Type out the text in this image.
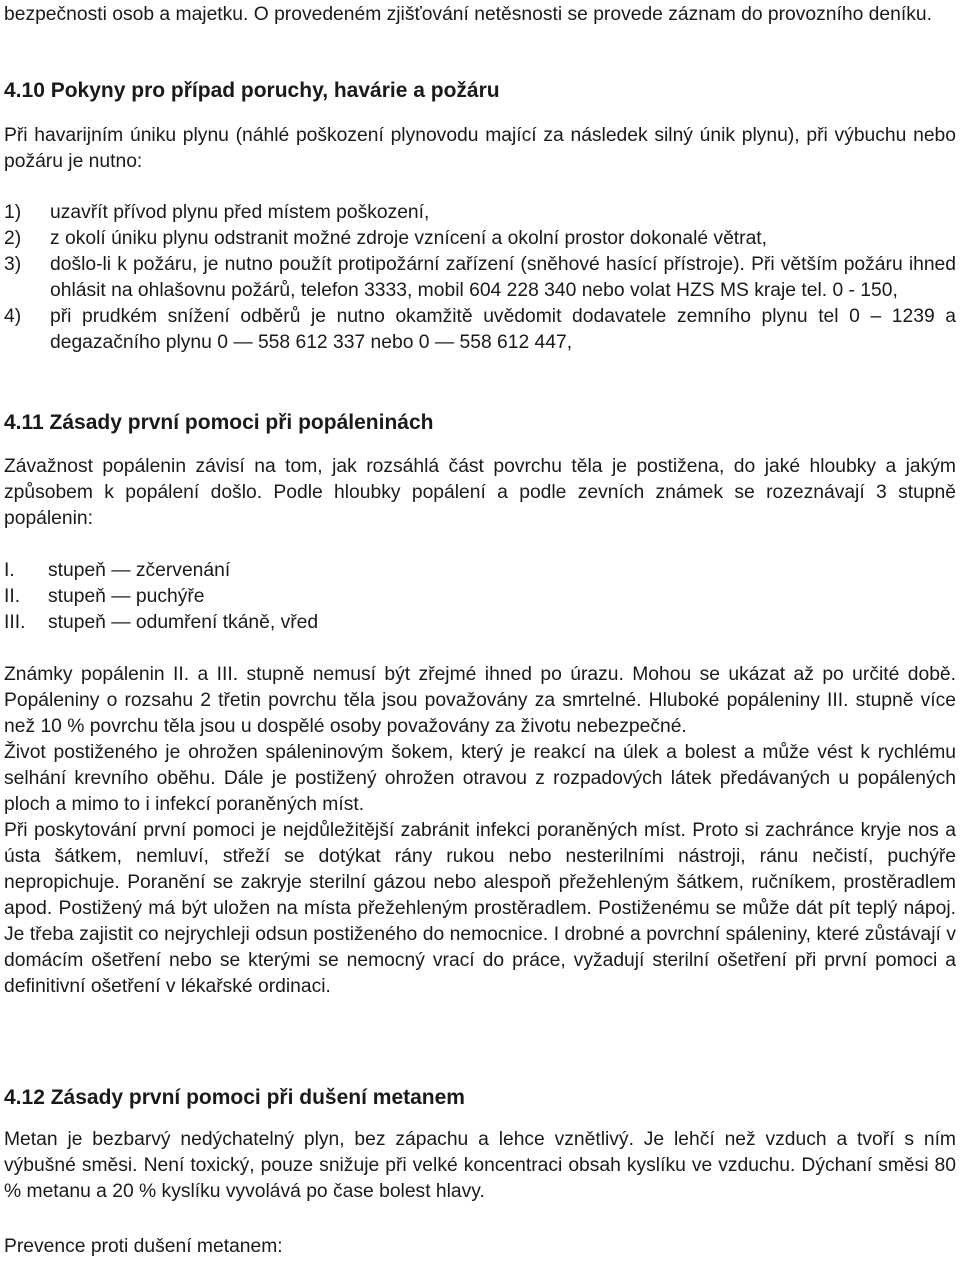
bezpečnosti osob a majetku. O provedeném zjišťování netěsnosti se provede záznam do provozního deníku.

4.10 Pokyny pro případ poruchy, havárie a požáru

Při havarijním úniku plynu (náhlé poškození plynovodu mající za následek silný únik plynu), při výbuchu nebo požáru je nutno:

1) uzavřít přívod plynu před místem poškození,
2) z okolí úniku plynu odstranit možné zdroje vznícení a okolní prostor dokonalé větrat,
3) došlo-li k požáru, je nutno použít protipožární zařízení (sněhové hasící přístroje). Při větším požáru ihned ohlásit na ohlašovnu požárů, telefon 3333, mobil 604 228 340 nebo volat HZS MS kraje tel. 0 - 150,
4) při prudkém snížení odběrů je nutno okamžitě uvědomit dodavatele zemního plynu tel 0 – 1239 a degazačního plynu 0 — 558 612 337 nebo 0 — 558 612 447,

4.11 Zásady první pomoci při popáleninách

Závažnost popálenin závisí na tom, jak rozsáhlá část povrchu těla je postižena, do jaké hloubky a jakým způsobem k popálení došlo. Podle hloubky popálení a podle zevních známek se rozeznávají 3 stupně popálenin:

I. stupeň — zčervenání
II. stupeň — puchýře
III. stupeň — odumření tkáně, vřed

Známky popálenin II. a III. stupně nemusí být zřejmé ihned po úrazu. Mohou se ukázat až po určité době. Popáleniny o rozsahu 2 třetin povrchu těla jsou považovány za smrtelné. Hluboké popáleniny III. stupně více než 10 % povrchu těla jsou u dospělé osoby považovány za životu nebezpečné.

Život postiženého je ohrožen spáleninovým šokem, který je reakcí na úlek a bolest a může vést k rychlému selhání krevního oběhu. Dále je postižený ohrožen otravou z rozpadových látek předávaných u popálených ploch a mimo to i infekcí poraněných míst.

Při poskytování první pomoci je nejdůležitější zabránit infekci poraněných míst. Proto si zachránce kryje nos a ústa šátkem, nemluví, střeží se dotýkat rány rukou nebo nesterilními nástroji, ránu nečistí, puchýře nepropichuje. Poranění se zakryje sterilní gázou nebo alespoň přežehleným šátkem, ručníkem, prostěradlem apod. Postižený má být uložen na místa přežehleným prostěradlem. Postiženému se může dát pít teplý nápoj. Je třeba zajistit co nejrychleji odsun postiženého do nemocnice. I drobné a povrchní spáleniny, které zůstávají v domácím ošetření nebo se kterými se nemocný vrací do práce, vyžadují sterilní ošetření při první pomoci a definitivní ošetření v lékařské ordinaci.

4.12 Zásady první pomoci při dušení metanem

Metan je bezbarvý nedýchatelný plyn, bez zápachu a lehce vznětlivý. Je lehčí než vzduch a tvoří s ním výbušné směsi. Není toxický, pouze snižuje při velké koncentraci obsah kyslíku ve vzduchu. Dýchaní směsi 80 % metanu a 20 % kyslíku vyvolává po čase bolest hlavy.

Prevence proti dušení metanem:
